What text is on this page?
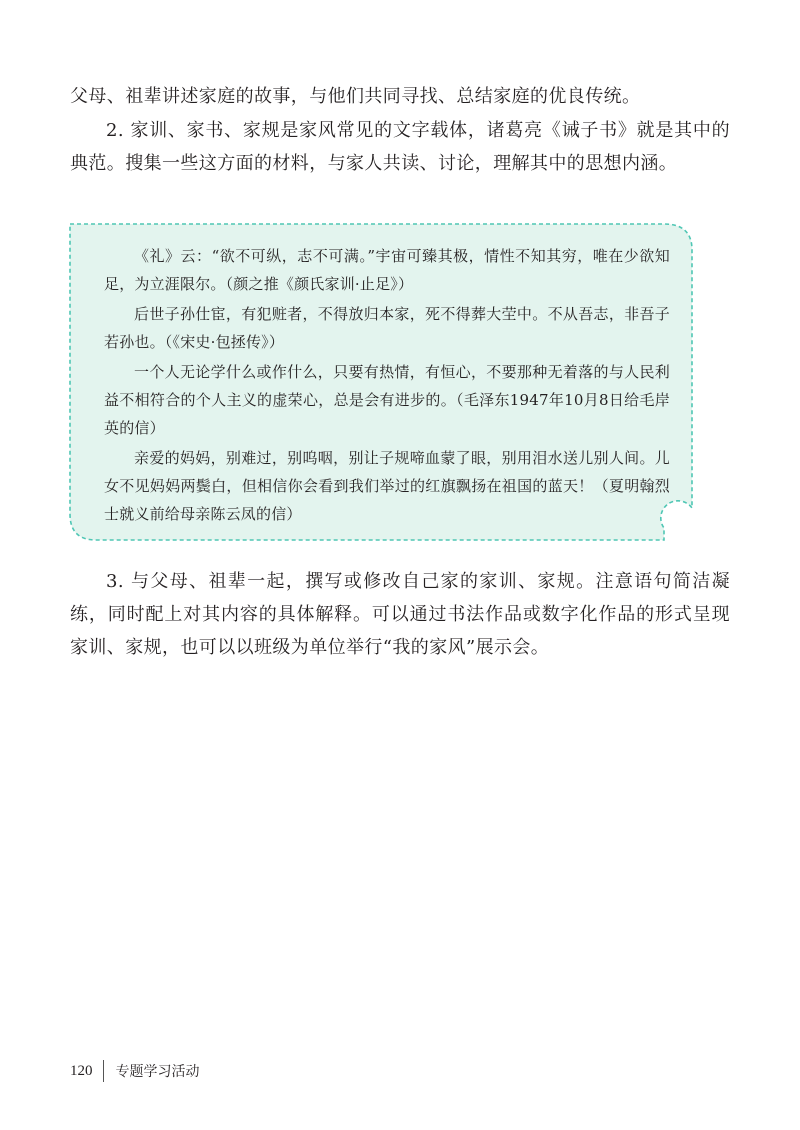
父母、祖辈讲述家庭的故事，与他们共同寻找、总结家庭的优良传统。

2. 家训、家书、家规是家风常见的文字载体，诸葛亮《诫子书》就是其中的典范。搜集一些这方面的材料，与家人共读、讨论，理解其中的思想内涵。

《礼》云：“欲不可纵，志不可满。”宇宙可臻其极，情性不知其穷，唯在少欲知足，为立涯限尔。（颜之推《颜氏家训·止足》）

后世子孙仕宦，有犯赃者，不得放归本家，死不得葬大茔中。不从吾志，非吾子若孙也。（《宋史·包拯传》）

一个人无论学什么或作什么，只要有热情，有恒心，不要那种无着落的与人民利益不相符合的个人主义的虚荣心，总是会有进步的。（毛泽东1947年10月8日给毛岸英的信）

亲爱的妈妈，别难过，别呜咽，别让子规啼血蒙了眼，别用泪水送儿别人间。儿女不见妈妈两鬓白，但相信你会看到我们举过的红旗飘扬在祖国的蓝天！（夏明翰烈士就义前给母亲陈云凤的信）

3. 与父母、祖辈一起，撰写或修改自己家的家训、家规。注意语句简洁凝练，同时配上对其内容的具体解释。可以通过书法作品或数字化作品的形式呈现家训、家规，也可以以班级为单位举行“我的家风”展示会。

120 专题学习活动
